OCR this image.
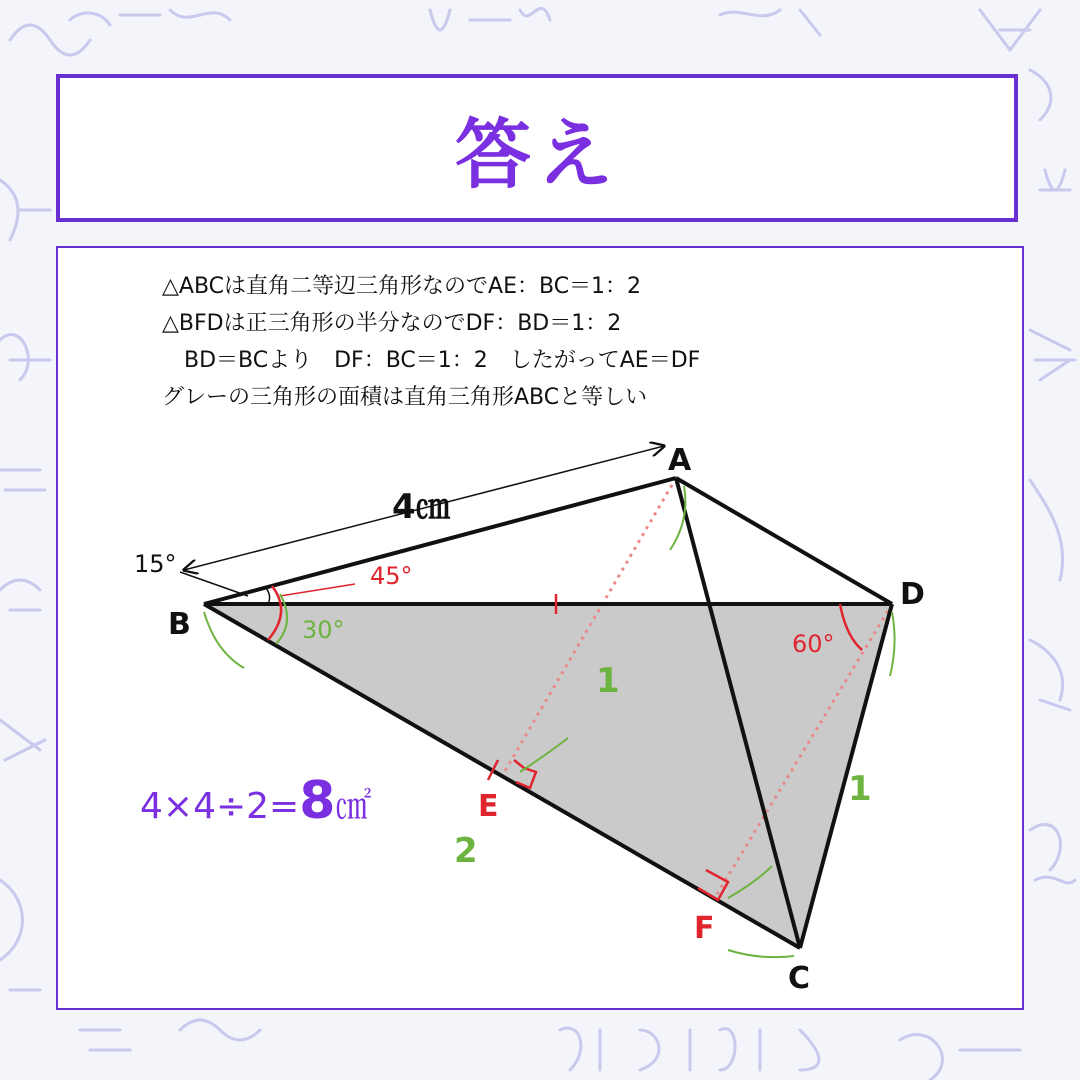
答え
△ABCは直角二等辺三角形なのでAE：BC＝1：2
△BFDは正三角形の半分なのでDF：BD＝1：2
　BD＝BCより　DF：BC＝1：2　したがってAE＝DF
グレーの三角形の面積は直角三角形ABCと等しい
4㎝
15°	45°
30°	60°
A
B
C
D
E
F
1
1
2
4×4÷2=8㎠
